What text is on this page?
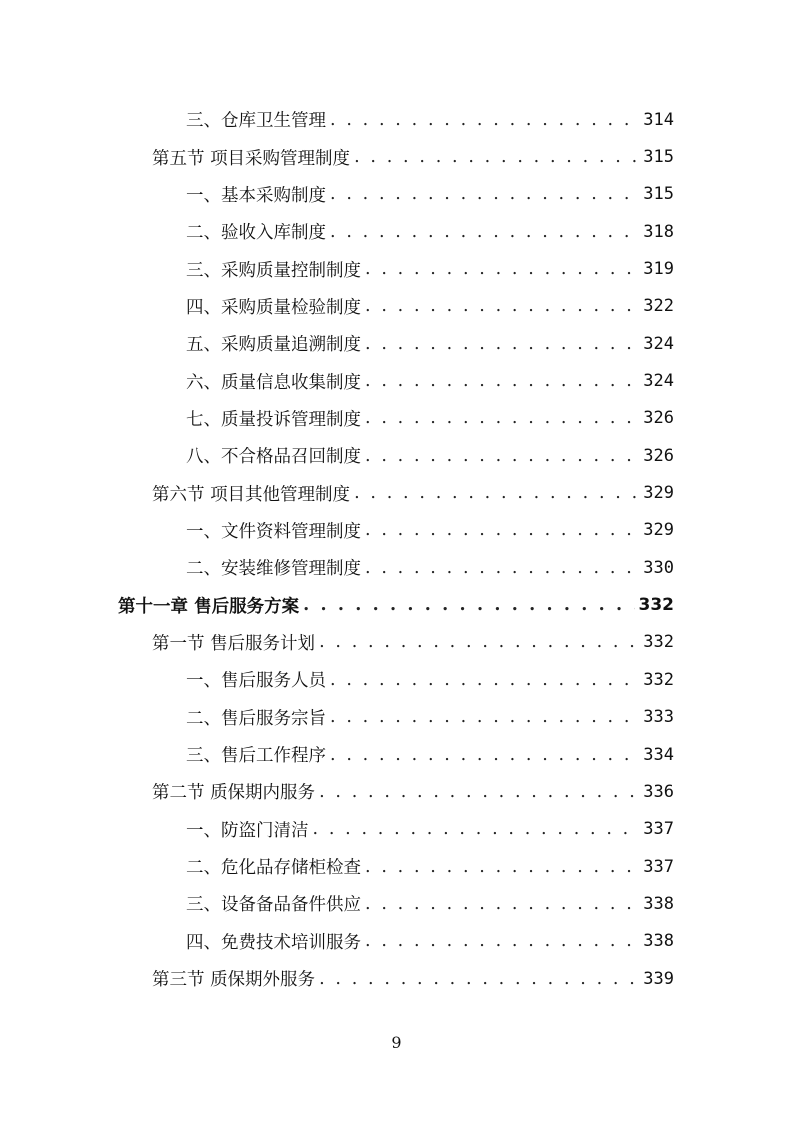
三、仓库卫生管理 . . .	314
第五节 项目采购管理制度 . . .	315
一、基本采购制度 . . .	315
二、验收入库制度 . . .	318
三、采购质量控制制度 . . .	319
四、采购质量检验制度 . . .	322
五、采购质量追溯制度 . . .	324
六、质量信息收集制度 . . .	324
七、质量投诉管理制度 . . .	326
八、不合格品召回制度 . . .	326
第六节 项目其他管理制度 . . .	329
一、文件资料管理制度 . . .	329
二、安装维修管理制度 . . .	330
第十一章 售后服务方案 . . .	332
第一节 售后服务计划 . . .	332
一、售后服务人员 . . .	332
二、售后服务宗旨 . . .	333
三、售后工作程序 . . .	334
第二节 质保期内服务 . . .	336
一、防盗门清洁 . . .	337
二、危化品存储柜检查 . . .	337
三、设备备品备件供应 . . .	338
四、免费技术培训服务 . . .	338
第三节 质保期外服务 . . .	339
9
